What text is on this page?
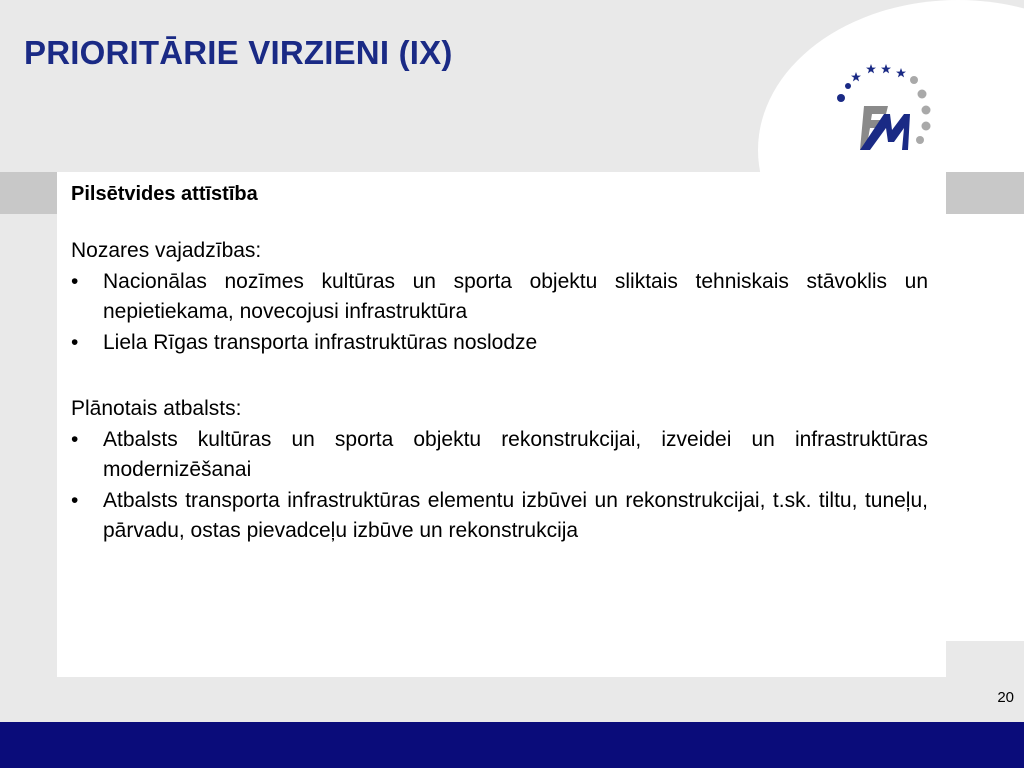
PRIORITĀRIE VIRZIENI (IX)

Pilsētvides attīstība

Nozares vajadzības:

• Nacionālas nozīmes kultūras un sporta objektu sliktais tehniskais stāvoklis un nepietiekama, novecojusi infrastruktūra
• Liela Rīgas transporta infrastruktūras noslodze

Plānotais atbalsts:

• Atbalsts kultūras un sporta objektu rekonstrukcijai, izveidei un infrastruktūras modernizēšanai
• Atbalsts transporta infrastruktūras elementu izbūvei un rekonstrukcijai, t.sk. tiltu, tuneļu, pārvadu, ostas pievadceļu izbūve un rekonstrukcija
20
